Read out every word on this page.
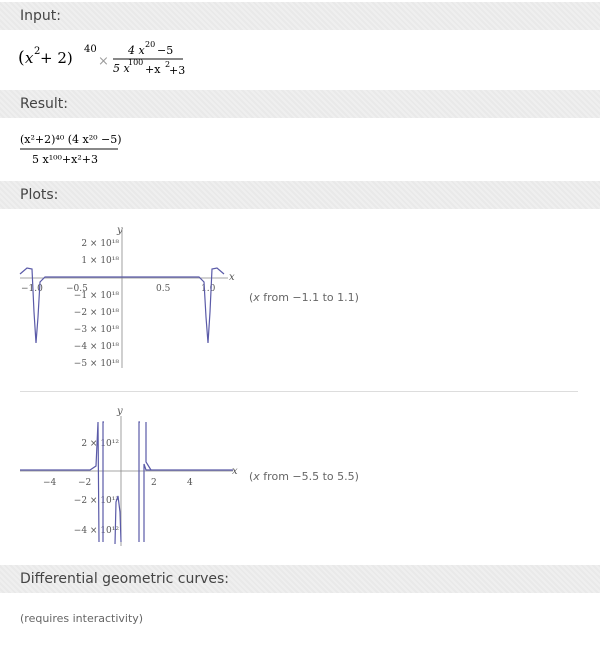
Input:
( x 2 + 2) 40
×
4 x 20 −5
5 x
100
+x 2
+3
Result:
(x²+2)⁴⁰ (4 x²⁰ −5)
5 x¹⁰⁰+x²+3
Plots:
x
y
−1.0	−0.5	0.5	1.0
2 × 10¹⁸
1 × 10¹⁸
−1 × 10¹⁸
−2 × 10¹⁸
−3 × 10¹⁸
−4 × 10¹⁸
−5 × 10¹⁸
(x from −1.1 to 1.1)
x
y
−4 −2	2	4
2 × 10¹²
−2 × 10¹²
−4 × 10¹²
(x from −5.5 to 5.5)
Differential geometric curves:
(requires interactivity)
